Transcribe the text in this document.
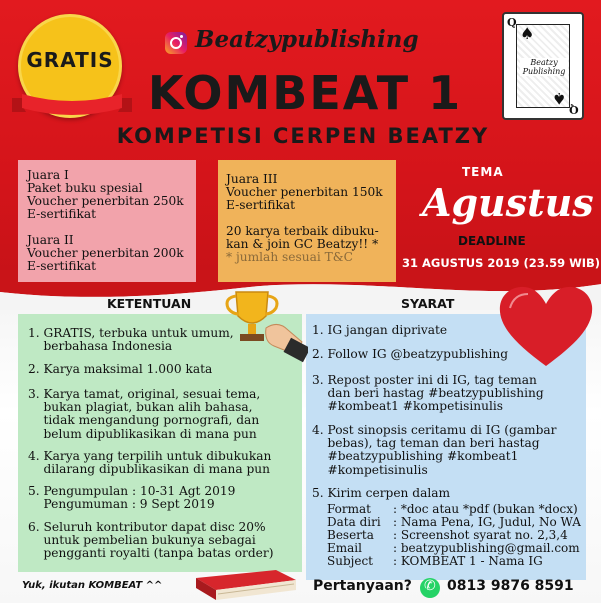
GRATIS
Beatzypublishing
KOMBEAT 1
KOMPETISI CERPEN BEATZY
Q
♠
Q
♠
Beatzy Publishing

Juara I

Paket buku spesial

Voucher penerbitan 250k

E-sertifikat

Juara II

Voucher penerbitan 200k

E-sertifikat

Juara III

Voucher penerbitan 150k

E-sertifikat

20 karya terbaik dibuku-

kan & join GC Beatzy!! *

* jumlah sesuai T&C

TEMA
Agustus
DEADLINE
31 AGUSTUS 2019 (23.59 WIB)
KETENTUAN	SYARAT
1. GRATIS, terbuka untuk umum,
berbahasa Indonesia
2. Karya maksimal 1.000 kata
3. Karya tamat, original, sesuai tema,
bukan plagiat, bukan alih bahasa,
tidak mengandung pornografi, dan
belum dipublikasikan di mana pun
4. Karya yang terpilih untuk dibukukan
dilarang dipublikasikan di mana pun
5. Pengumpulan : 10-31 Agt 2019
Pengumuman : 9 Sept 2019
6. Seluruh kontributor dapat disc 20%
untuk pembelian bukunya sebagai
pengganti royalti (tanpa batas order)
1. IG jangan diprivate
2. Follow IG @beatzypublishing
3. Repost poster ini di IG, tag teman
dan beri hastag #beatzypublishing
#kombeat1 #kompetisinulis
4. Post sinopsis ceritamu di IG (gambar
bebas), tag teman dan beri hastag
#beatzypublishing #kombeat1
#kompetisinulis
5. Kirim cerpen dalam
Format	: *doc atau *pdf (bukan *docx)
Data diri	: Nama Pena, IG, Judul, No WA
Beserta	: Screenshot syarat no. 2,3,4
Email	: beatzypublishing@gmail.com
Subject	: KOMBEAT 1 - Nama IG
Yuk, ikutan KOMBEAT ^^	Pertanyaan?
✆	0813 9876 8591
